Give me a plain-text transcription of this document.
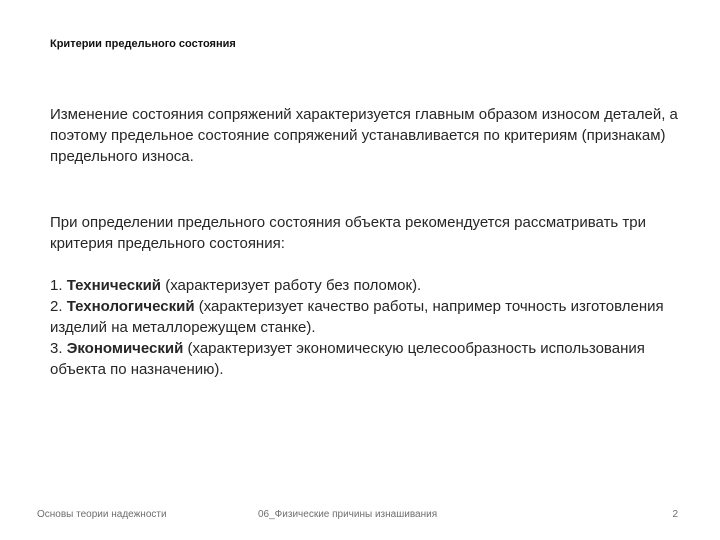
Критерии предельного состояния

Изменение состояния сопряжений характеризуется главным образом износом деталей, а поэтому предельное состояние сопряжений устанавливается по критериям (признакам) предельного износа.

При определении предельного состояния объекта рекомендуется рассматривать три критерия предельного состояния:

1. Технический (характеризует работу без поломок).
2. Технологический (характеризует качество работы, например точность изготовления изделий на металлорежущем станке).
3. Экономический (характеризует экономическую целесообразность использования объекта по назначению).
Основы теории надежности	06_Физические причины изнашивания	2
